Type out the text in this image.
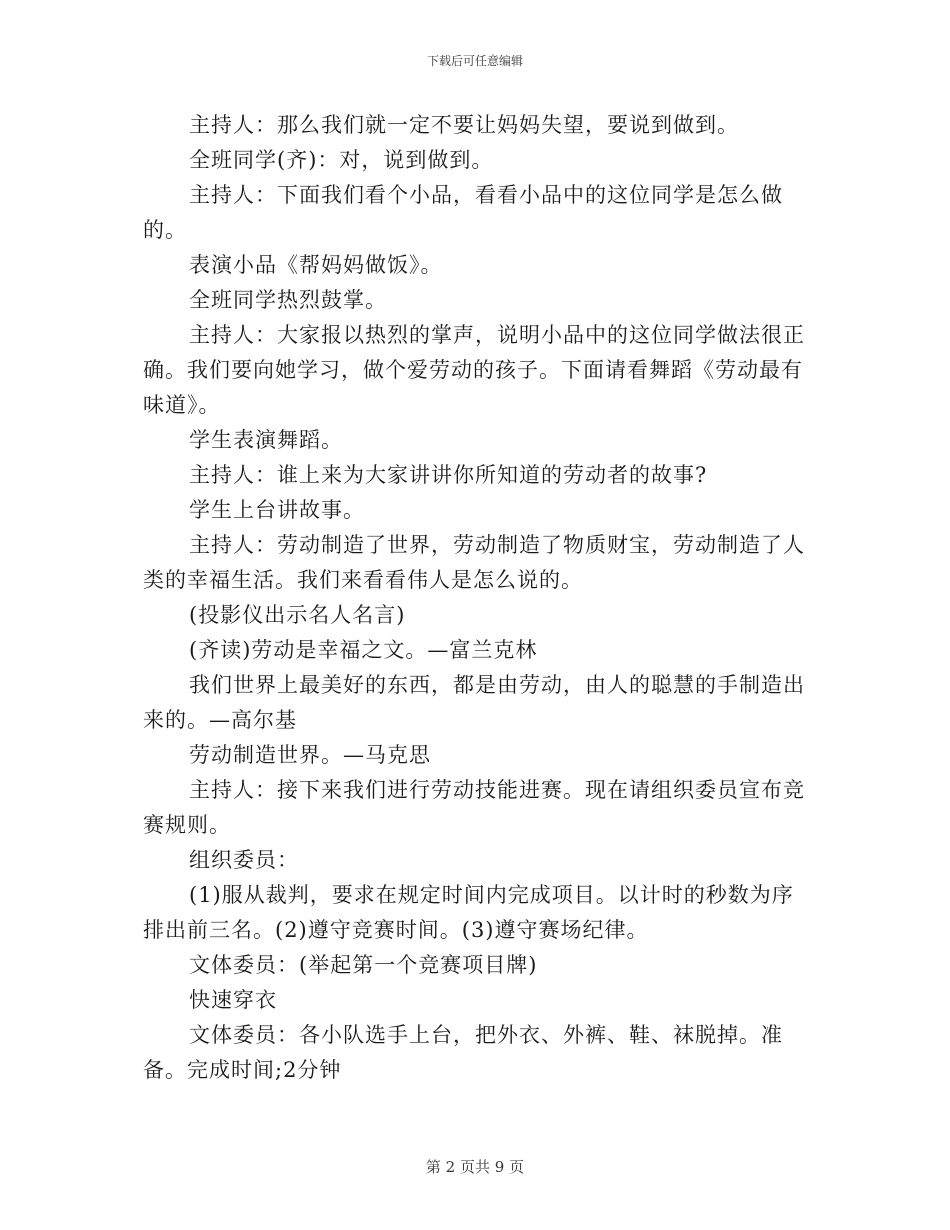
下载后可任意编辑

主持人：那么我们就一定不要让妈妈失望，要说到做到。

全班同学(齐)：对，说到做到。

主持人：下面我们看个小品，看看小品中的这位同学是怎么做的。

表演小品《帮妈妈做饭》。

全班同学热烈鼓掌。

主持人：大家报以热烈的掌声，说明小品中的这位同学做法很正确。我们要向她学习，做个爱劳动的孩子。下面请看舞蹈《劳动最有味道》。

学生表演舞蹈。

主持人：谁上来为大家讲讲你所知道的劳动者的故事?

学生上台讲故事。

主持人：劳动制造了世界，劳动制造了物质财宝，劳动制造了人类的幸福生活。我们来看看伟人是怎么说的。

(投影仪出示名人名言)

(齐读)劳动是幸福之文。—富兰克林

我们世界上最美好的东西，都是由劳动，由人的聪慧的手制造出来的。—高尔基

劳动制造世界。—马克思

主持人：接下来我们进行劳动技能进赛。现在请组织委员宣布竞赛规则。

组织委员：

(1)服从裁判，要求在规定时间内完成项目。以计时的秒数为序排出前三名。(2)遵守竞赛时间。(3)遵守赛场纪律。

文体委员：(举起第一个竞赛项目牌)

快速穿衣

文体委员：各小队选手上台，把外衣、外裤、鞋、袜脱掉。准备。完成时间;2分钟

第 2 页共 9 页
